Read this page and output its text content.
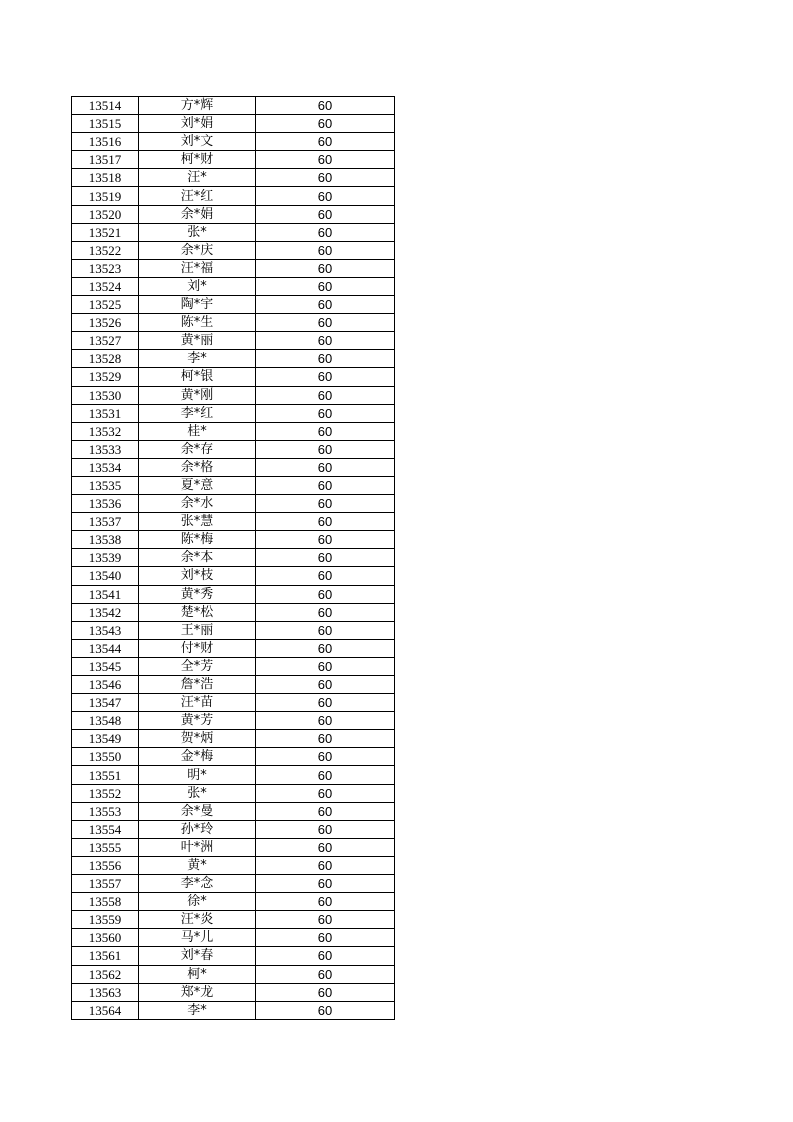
13514	方*辉	60
13515	刘*娟	60
13516	刘*文	60
13517	柯*财	60
13518	汪*	60
13519	汪*红	60
13520	余*娟	60
13521	张*	60
13522	余*庆	60
13523	汪*福	60
13524	刘*	60
13525	陶*宇	60
13526	陈*生	60
13527	黄*丽	60
13528	李*	60
13529	柯*银	60
13530	黄*刚	60
13531	李*红	60
13532	桂*	60
13533	余*存	60
13534	余*格	60
13535	夏*意	60
13536	余*水	60
13537	张*慧	60
13538	陈*梅	60
13539	余*本	60
13540	刘*枝	60
13541	黄*秀	60
13542	楚*松	60
13543	王*丽	60
13544	付*财	60
13545	全*芳	60
13546	詹*浩	60
13547	汪*苗	60
13548	黄*芳	60
13549	贺*炳	60
13550	金*梅	60
13551	明*	60
13552	张*	60
13553	余*曼	60
13554	孙*玲	60
13555	叶*洲	60
13556	黄*	60
13557	李*念	60
13558	徐*	60
13559	汪*炎	60
13560	马*儿	60
13561	刘*春	60
13562	柯*	60
13563	郑*龙	60
13564	李*	60
